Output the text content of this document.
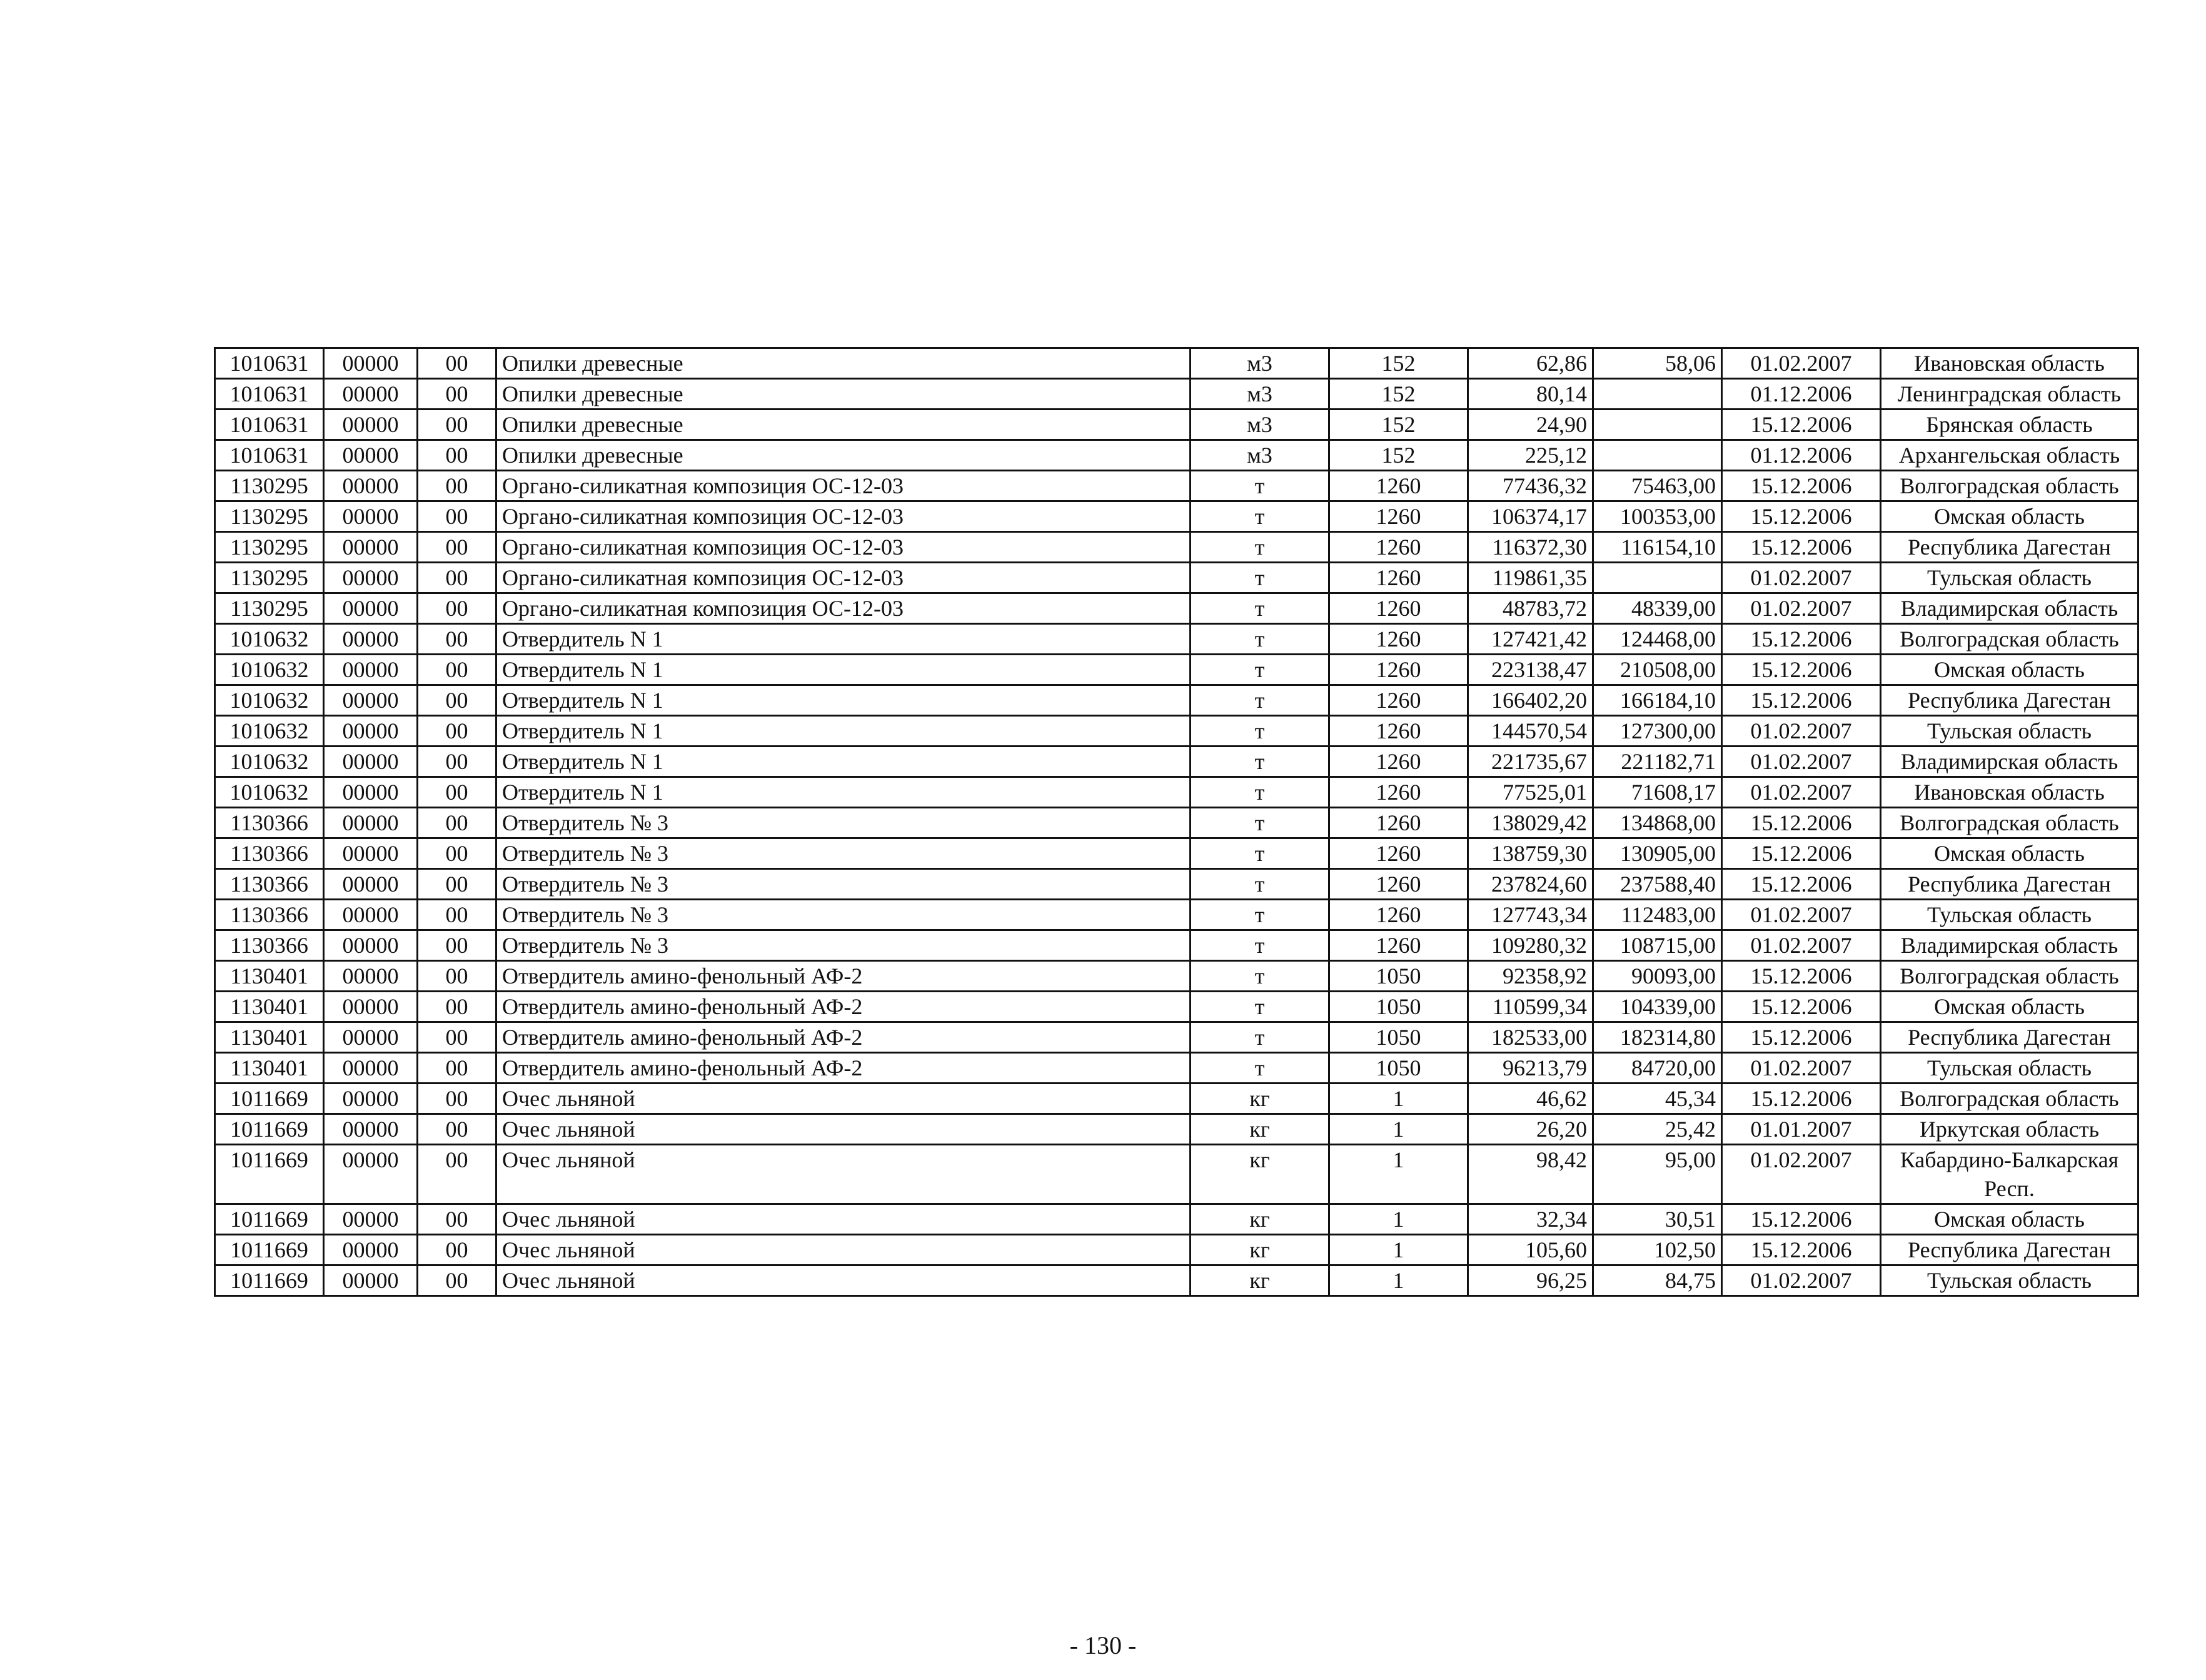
1010631	00000	00	Опилки древесные	м3	152	62,86	58,06	01.02.2007	Ивановская область
1010631	00000	00	Опилки древесные	м3	152	80,14		01.12.2006	Ленинградская область
1010631	00000	00	Опилки древесные	м3	152	24,90		15.12.2006	Брянская область
1010631	00000	00	Опилки древесные	м3	152	225,12		01.12.2006	Архангельская область
1130295	00000	00	Органо-силикатная композиция ОС-12-03	т	1260	77436,32	75463,00	15.12.2006	Волгоградская область
1130295	00000	00	Органо-силикатная композиция ОС-12-03	т	1260	106374,17	100353,00	15.12.2006	Омская область
1130295	00000	00	Органо-силикатная композиция ОС-12-03	т	1260	116372,30	116154,10	15.12.2006	Республика Дагестан
1130295	00000	00	Органо-силикатная композиция ОС-12-03	т	1260	119861,35		01.02.2007	Тульская область
1130295	00000	00	Органо-силикатная композиция ОС-12-03	т	1260	48783,72	48339,00	01.02.2007	Владимирская область
1010632	00000	00	Отвердитель N 1	т	1260	127421,42	124468,00	15.12.2006	Волгоградская область
1010632	00000	00	Отвердитель N 1	т	1260	223138,47	210508,00	15.12.2006	Омская область
1010632	00000	00	Отвердитель N 1	т	1260	166402,20	166184,10	15.12.2006	Республика Дагестан
1010632	00000	00	Отвердитель N 1	т	1260	144570,54	127300,00	01.02.2007	Тульская область
1010632	00000	00	Отвердитель N 1	т	1260	221735,67	221182,71	01.02.2007	Владимирская область
1010632	00000	00	Отвердитель N 1	т	1260	77525,01	71608,17	01.02.2007	Ивановская область
1130366	00000	00	Отвердитель № 3	т	1260	138029,42	134868,00	15.12.2006	Волгоградская область
1130366	00000	00	Отвердитель № 3	т	1260	138759,30	130905,00	15.12.2006	Омская область
1130366	00000	00	Отвердитель № 3	т	1260	237824,60	237588,40	15.12.2006	Республика Дагестан
1130366	00000	00	Отвердитель № 3	т	1260	127743,34	112483,00	01.02.2007	Тульская область
1130366	00000	00	Отвердитель № 3	т	1260	109280,32	108715,00	01.02.2007	Владимирская область
1130401	00000	00	Отвердитель амино-фенольный АФ-2	т	1050	92358,92	90093,00	15.12.2006	Волгоградская область
1130401	00000	00	Отвердитель амино-фенольный АФ-2	т	1050	110599,34	104339,00	15.12.2006	Омская область
1130401	00000	00	Отвердитель амино-фенольный АФ-2	т	1050	182533,00	182314,80	15.12.2006	Республика Дагестан
1130401	00000	00	Отвердитель амино-фенольный АФ-2	т	1050	96213,79	84720,00	01.02.2007	Тульская область
1011669	00000	00	Очес льняной	кг	1	46,62	45,34	15.12.2006	Волгоградская область
1011669	00000	00	Очес льняной	кг	1	26,20	25,42	01.01.2007	Иркутская область
1011669	00000	00	Очес льняной	кг	1	98,42	95,00	01.02.2007	Кабардино-Балкарская Респ.
1011669	00000	00	Очес льняной	кг	1	32,34	30,51	15.12.2006	Омская область
1011669	00000	00	Очес льняной	кг	1	105,60	102,50	15.12.2006	Республика Дагестан
1011669	00000	00	Очес льняной	кг	1	96,25	84,75	01.02.2007	Тульская область
- 130 -
